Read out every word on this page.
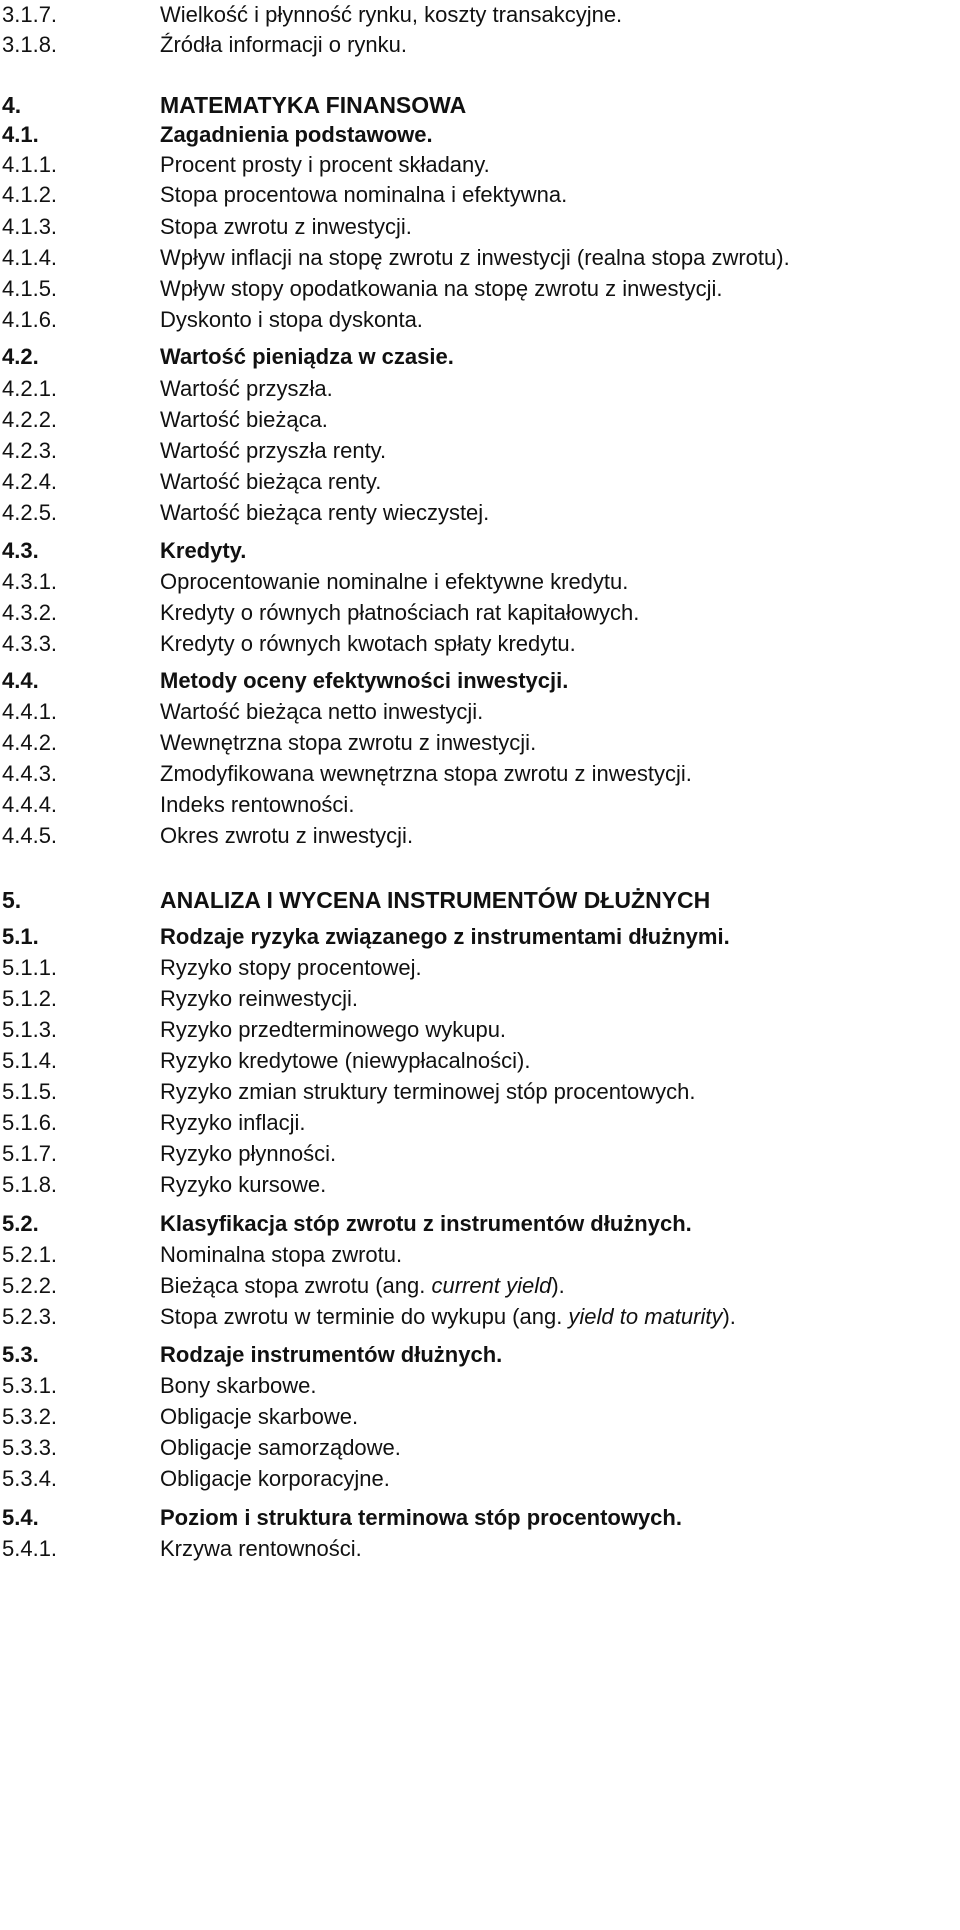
3.1.7.	Wielkość i płynność rynku, koszty transakcyjne.
3.1.8.	Źródła informacji o rynku.
4.	MATEMATYKA FINANSOWA
4.1.	Zagadnienia podstawowe.
4.1.1.	Procent prosty i procent składany.
4.1.2.	Stopa procentowa nominalna i efektywna.
4.1.3.	Stopa zwrotu z inwestycji.
4.1.4.	Wpływ inflacji na stopę zwrotu z inwestycji (realna stopa zwrotu).
4.1.5.	Wpływ stopy opodatkowania na stopę zwrotu z inwestycji.
4.1.6.	Dyskonto i stopa dyskonta.
4.2.	Wartość pieniądza w czasie.
4.2.1.	Wartość przyszła.
4.2.2.	Wartość bieżąca.
4.2.3.	Wartość przyszła renty.
4.2.4.	Wartość bieżąca renty.
4.2.5.	Wartość bieżąca renty wieczystej.
4.3.	Kredyty.
4.3.1.	Oprocentowanie nominalne i efektywne kredytu.
4.3.2.	Kredyty o równych płatnościach rat kapitałowych.
4.3.3.	Kredyty o równych kwotach spłaty kredytu.
4.4.	Metody oceny efektywności inwestycji.
4.4.1.	Wartość bieżąca netto inwestycji.
4.4.2.	Wewnętrzna stopa zwrotu z inwestycji.
4.4.3.	Zmodyfikowana wewnętrzna stopa zwrotu z inwestycji.
4.4.4.	Indeks rentowności.
4.4.5.	Okres zwrotu z inwestycji.
5.	ANALIZA I WYCENA INSTRUMENTÓW DŁUŻNYCH
5.1.	Rodzaje ryzyka związanego z instrumentami dłużnymi.
5.1.1.	Ryzyko stopy procentowej.
5.1.2.	Ryzyko reinwestycji.
5.1.3.	Ryzyko przedterminowego wykupu.
5.1.4.	Ryzyko kredytowe (niewypłacalności).
5.1.5.	Ryzyko zmian struktury terminowej stóp procentowych.
5.1.6.	Ryzyko inflacji.
5.1.7.	Ryzyko płynności.
5.1.8.	Ryzyko kursowe.
5.2.	Klasyfikacja stóp zwrotu z instrumentów dłużnych.
5.2.1.	Nominalna stopa zwrotu.
5.2.2.	Bieżąca stopa zwrotu (ang. current yield).
5.2.3.	Stopa zwrotu w terminie do wykupu (ang. yield to maturity).
5.3.	Rodzaje instrumentów dłużnych.
5.3.1.	Bony skarbowe.
5.3.2.	Obligacje skarbowe.
5.3.3.	Obligacje samorządowe.
5.3.4.	Obligacje korporacyjne.
5.4.	Poziom i struktura terminowa stóp procentowych.
5.4.1.	Krzywa rentowności.
